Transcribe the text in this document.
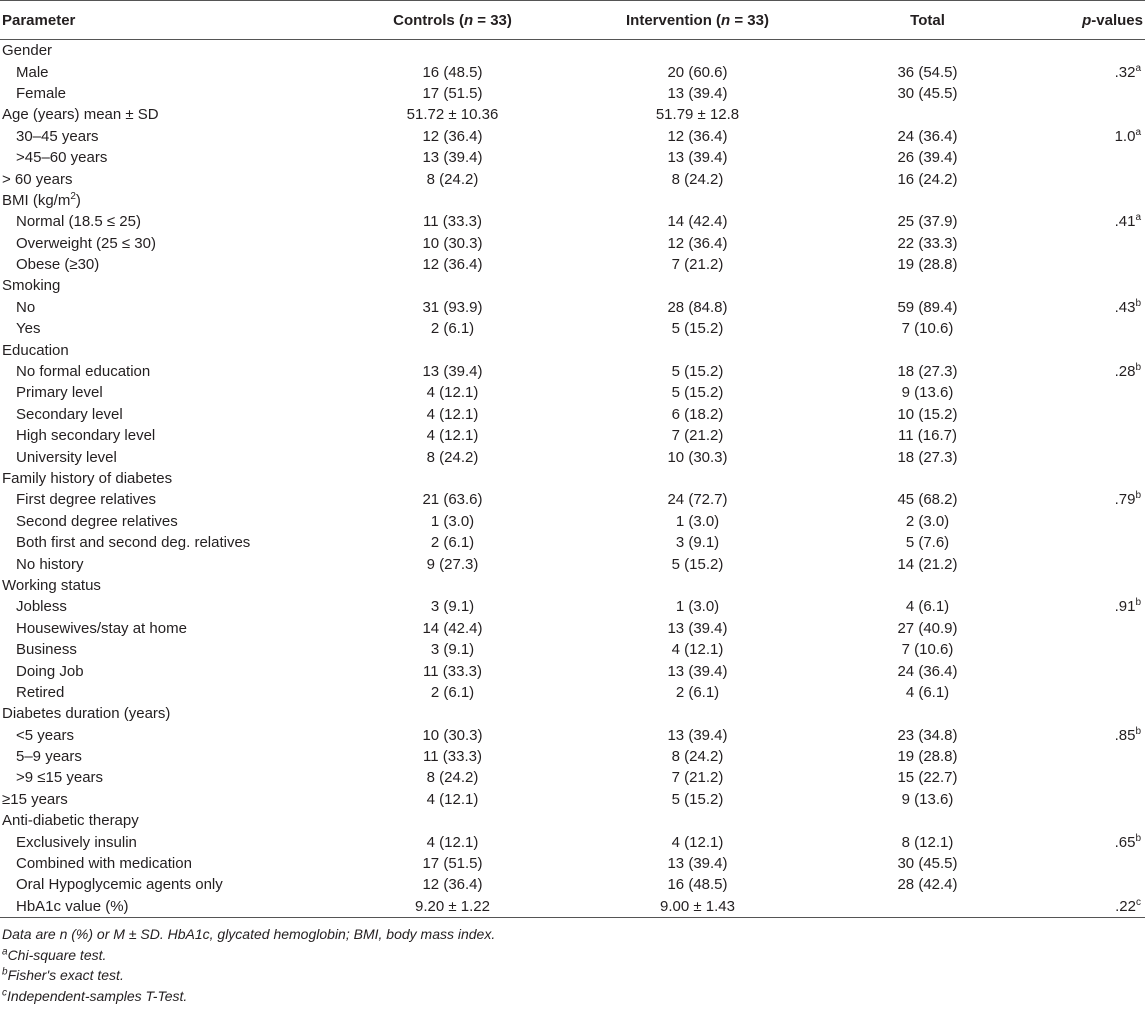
Parameter	Controls (n = 33)	Intervention (n = 33)	Total	p-values
Gender				
Male	16 (48.5)	20 (60.6)	36 (54.5)	.32$^a$
Female	17 (51.5)	13 (39.4)	30 (45.5)	
Age (years) mean ± SD	51.72 ± 10.36	51.79 ± 12.8		
30–45 years	12 (36.4)	12 (36.4)	24 (36.4)	1.0$^a$
>45–60 years	13 (39.4)	13 (39.4)	26 (39.4)	
> 60 years	8 (24.2)	8 (24.2)	16 (24.2)	
BMI $(kg/m^2)$				
Normal (18.5 ≤ 25)	11 (33.3)	14 (42.4)	25 (37.9)	.41$^a$
Overweight (25 ≤ 30)	10 (30.3)	12 (36.4)	22 (33.3)	
Obese (≥30)	12 (36.4)	7 (21.2)	19 (28.8)	
Smoking				
No	31 (93.9)	28 (84.8)	59 (89.4)	.43$^b$
Yes	2 (6.1)	5 (15.2)	7 (10.6)	
Education				
No formal education	13 (39.4)	5 (15.2)	18 (27.3)	.28$^b$
Primary level	4 (12.1)	5 (15.2)	9 (13.6)	
Secondary level	4 (12.1)	6 (18.2)	10 (15.2)	
High secondary level	4 (12.1)	7 (21.2)	11 (16.7)	
University level	8 (24.2)	10 (30.3)	18 (27.3)	
Family history of diabetes				
First degree relatives	21 (63.6)	24 (72.7)	45 (68.2)	.79$^b$
Second degree relatives	1 (3.0)	1 (3.0)	2 (3.0)	
Both first and second deg. relatives	2 (6.1)	3 (9.1)	5 (7.6)	
No history	9 (27.3)	5 (15.2)	14 (21.2)	
Working status				
Jobless	3 (9.1)	1 (3.0)	4 (6.1)	.91$^b$
Housewives/stay at home	14 (42.4)	13 (39.4)	27 (40.9)	
Business	3 (9.1)	4 (12.1)	7 (10.6)	
Doing Job	11 (33.3)	13 (39.4)	24 (36.4)	
Retired	2 (6.1)	2 (6.1)	4 (6.1)	
Diabetes duration (years)				
<5 years	10 (30.3)	13 (39.4)	23 (34.8)	.85$^b$
5–9 years	11 (33.3)	8 (24.2)	19 (28.8)	
>9 ≤15 years	8 (24.2)	7 (21.2)	15 (22.7)	
≥15 years	4 (12.1)	5 (15.2)	9 (13.6)	
Anti-diabetic therapy				
Exclusively insulin	4 (12.1)	4 (12.1)	8 (12.1)	.65$^b$
Combined with medication	17 (51.5)	13 (39.4)	30 (45.5)	
Oral Hypoglycemic agents only	12 (36.4)	16 (48.5)	28 (42.4)	
HbA1c value (%)	9.20 ± 1.22	9.00 ± 1.43		.22$^c$
Data are n (%) or M ± SD. HbA1c, glycated hemoglobin; BMI, body mass index.
$^a$Chi-square test.
$^b$Fisher's exact test.
$^c$Independent-samples T-Test.
